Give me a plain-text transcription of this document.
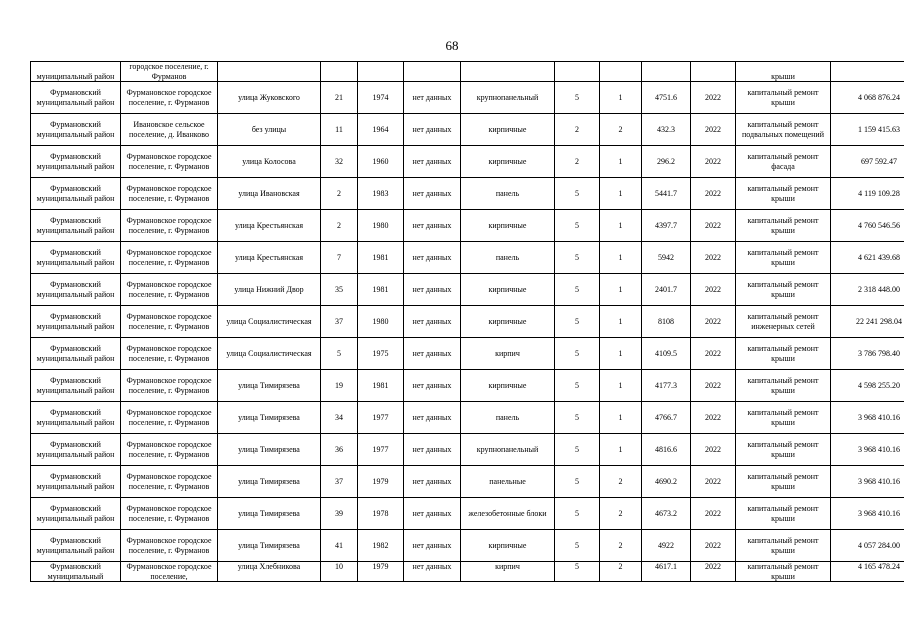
68
муниципальный район	городское поселение, г. Фурманов										крыши	
Фурмановский муниципальный район	Фурмановское городское поселение, г. Фурманов	улица Жуковского	21	1974	нет данных	крупнопанельный	5	1	4751.6	2022	капитальный ремонт крыши	4 068 876.24
Фурмановский муниципальный район	Ивановское сельское поселение, д. Иванково	без улицы	11	1964	нет данных	кирпичные	2	2	432.3	2022	капитальный ремонт подвальных помещений	1 159 415.63
Фурмановский муниципальный район	Фурмановское городское поселение, г. Фурманов	улица Колосова	32	1960	нет данных	кирпичные	2	1	296.2	2022	капитальный ремонт фасада	697 592.47
Фурмановский муниципальный район	Фурмановское городское поселение, г. Фурманов	улица Ивановская	2	1983	нет данных	панель	5	1	5441.7	2022	капитальный ремонт крыши	4 119 109.28
Фурмановский муниципальный район	Фурмановское городское поселение, г. Фурманов	улица Крестьянская	2	1980	нет данных	кирпичные	5	1	4397.7	2022	капитальный ремонт крыши	4 760 546.56
Фурмановский муниципальный район	Фурмановское городское поселение, г. Фурманов	улица Крестьянская	7	1981	нет данных	панель	5	1	5942	2022	капитальный ремонт крыши	4 621 439.68
Фурмановский муниципальный район	Фурмановское городское поселение, г. Фурманов	улица Нижний Двор	35	1981	нет данных	кирпичные	5	1	2401.7	2022	капитальный ремонт крыши	2 318 448.00
Фурмановский муниципальный район	Фурмановское городское поселение, г. Фурманов	улица Социалистическая	37	1980	нет данных	кирпичные	5	1	8108	2022	капитальный ремонт инженерных сетей	22 241 298.04
Фурмановский муниципальный район	Фурмановское городское поселение, г. Фурманов	улица Социалистическая	5	1975	нет данных	кирпич	5	1	4109.5	2022	капитальный ремонт крыши	3 786 798.40
Фурмановский муниципальный район	Фурмановское городское поселение, г. Фурманов	улица Тимирязева	19	1981	нет данных	кирпичные	5	1	4177.3	2022	капитальный ремонт крыши	4 598 255.20
Фурмановский муниципальный район	Фурмановское городское поселение, г. Фурманов	улица Тимирязева	34	1977	нет данных	панель	5	1	4766.7	2022	капитальный ремонт крыши	3 968 410.16
Фурмановский муниципальный район	Фурмановское городское поселение, г. Фурманов	улица Тимирязева	36	1977	нет данных	крупнопанельный	5	1	4816.6	2022	капитальный ремонт крыши	3 968 410.16
Фурмановский муниципальный район	Фурмановское городское поселение, г. Фурманов	улица Тимирязева	37	1979	нет данных	панельные	5	2	4690.2	2022	капитальный ремонт крыши	3 968 410.16
Фурмановский муниципальный район	Фурмановское городское поселение, г. Фурманов	улица Тимирязева	39	1978	нет данных	железобетонные блоки	5	2	4673.2	2022	капитальный ремонт крыши	3 968 410.16
Фурмановский муниципальный район	Фурмановское городское поселение, г. Фурманов	улица Тимирязева	41	1982	нет данных	кирпичные	5	2	4922	2022	капитальный ремонт крыши	4 057 284.00
Фурмановский муниципальный	Фурмановское городское поселение,	улица Хлебникова	10	1979	нет данных	кирпич	5	2	4617.1	2022	капитальный ремонт крыши	4 165 478.24
